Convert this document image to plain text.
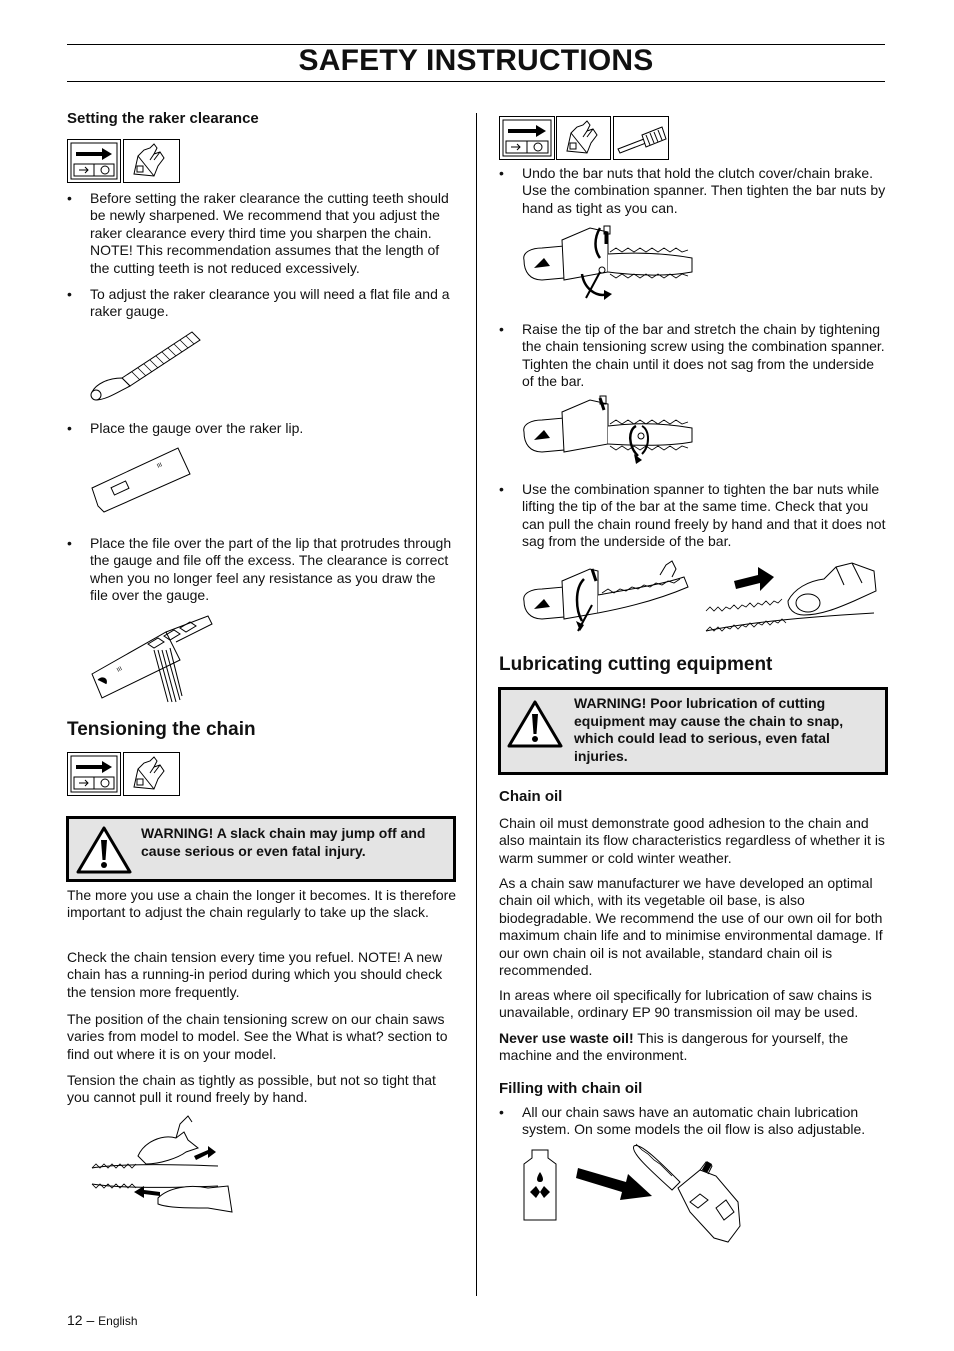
SAFETY INSTRUCTIONS
Setting the raker clearance
• Before setting the raker clearance the cutting teeth should be newly sharpened. We recommend that you adjust the raker clearance every third time you sharpen the chain. NOTE! This recommendation assumes that the length of the cutting teeth is not reduced excessively.
• To adjust the raker clearance you will need a flat file and a raker gauge.
• Place the gauge over the raker lip.
III
• Place the file over the part of the lip that protrudes through the gauge and file off the excess. The clearance is correct when you no longer feel any resistance as you draw the file over the gauge.
III
Tensioning the chain
WARNING! A slack chain may jump off and cause serious or even fatal injury.
The more you use a chain the longer it becomes. It is therefore important to adjust the chain regularly to take up the slack.
Check the chain tension every time you refuel. NOTE! A new chain has a running-in period during which you should check the tension more frequently.
The position of the chain tensioning screw on our chain saws varies from model to model. See the What is what? section to find out where it is on your model.
Tension the chain as tightly as possible, but not so tight that you cannot pull it round freely by hand.
• Undo the bar nuts that hold the clutch cover/chain brake. Use the combination spanner. Then tighten the bar nuts by hand as tight as you can.
• Raise the tip of the bar and stretch the chain by tightening the chain tensioning screw using the combination spanner. Tighten the chain until it does not sag from the underside of the bar.
• Use the combination spanner to tighten the bar nuts while lifting the tip of the bar at the same time. Check that you can pull the chain round freely by hand and that it does not sag from the underside of the bar.
Lubricating cutting equipment
WARNING! Poor lubrication of cutting equipment may cause the chain to snap, which could lead to serious, even fatal injuries.
Chain oil
Chain oil must demonstrate good adhesion to the chain and also maintain its flow characteristics regardless of whether it is warm summer or cold winter weather.
As a chain saw manufacturer we have developed an optimal chain oil which, with its vegetable oil base, is also biodegradable. We recommend the use of our own oil for both maximum chain life and to minimise environmental damage. If our own chain oil is not available, standard chain oil is recommended.
In areas where oil specifically for lubrication of saw chains is unavailable, ordinary EP 90 transmission oil may be used.
Never use waste oil! This is dangerous for yourself, the machine and the environment.
Filling with chain oil
• All our chain saws have an automatic chain lubrication system. On some models the oil flow is also adjustable.
12 – English
